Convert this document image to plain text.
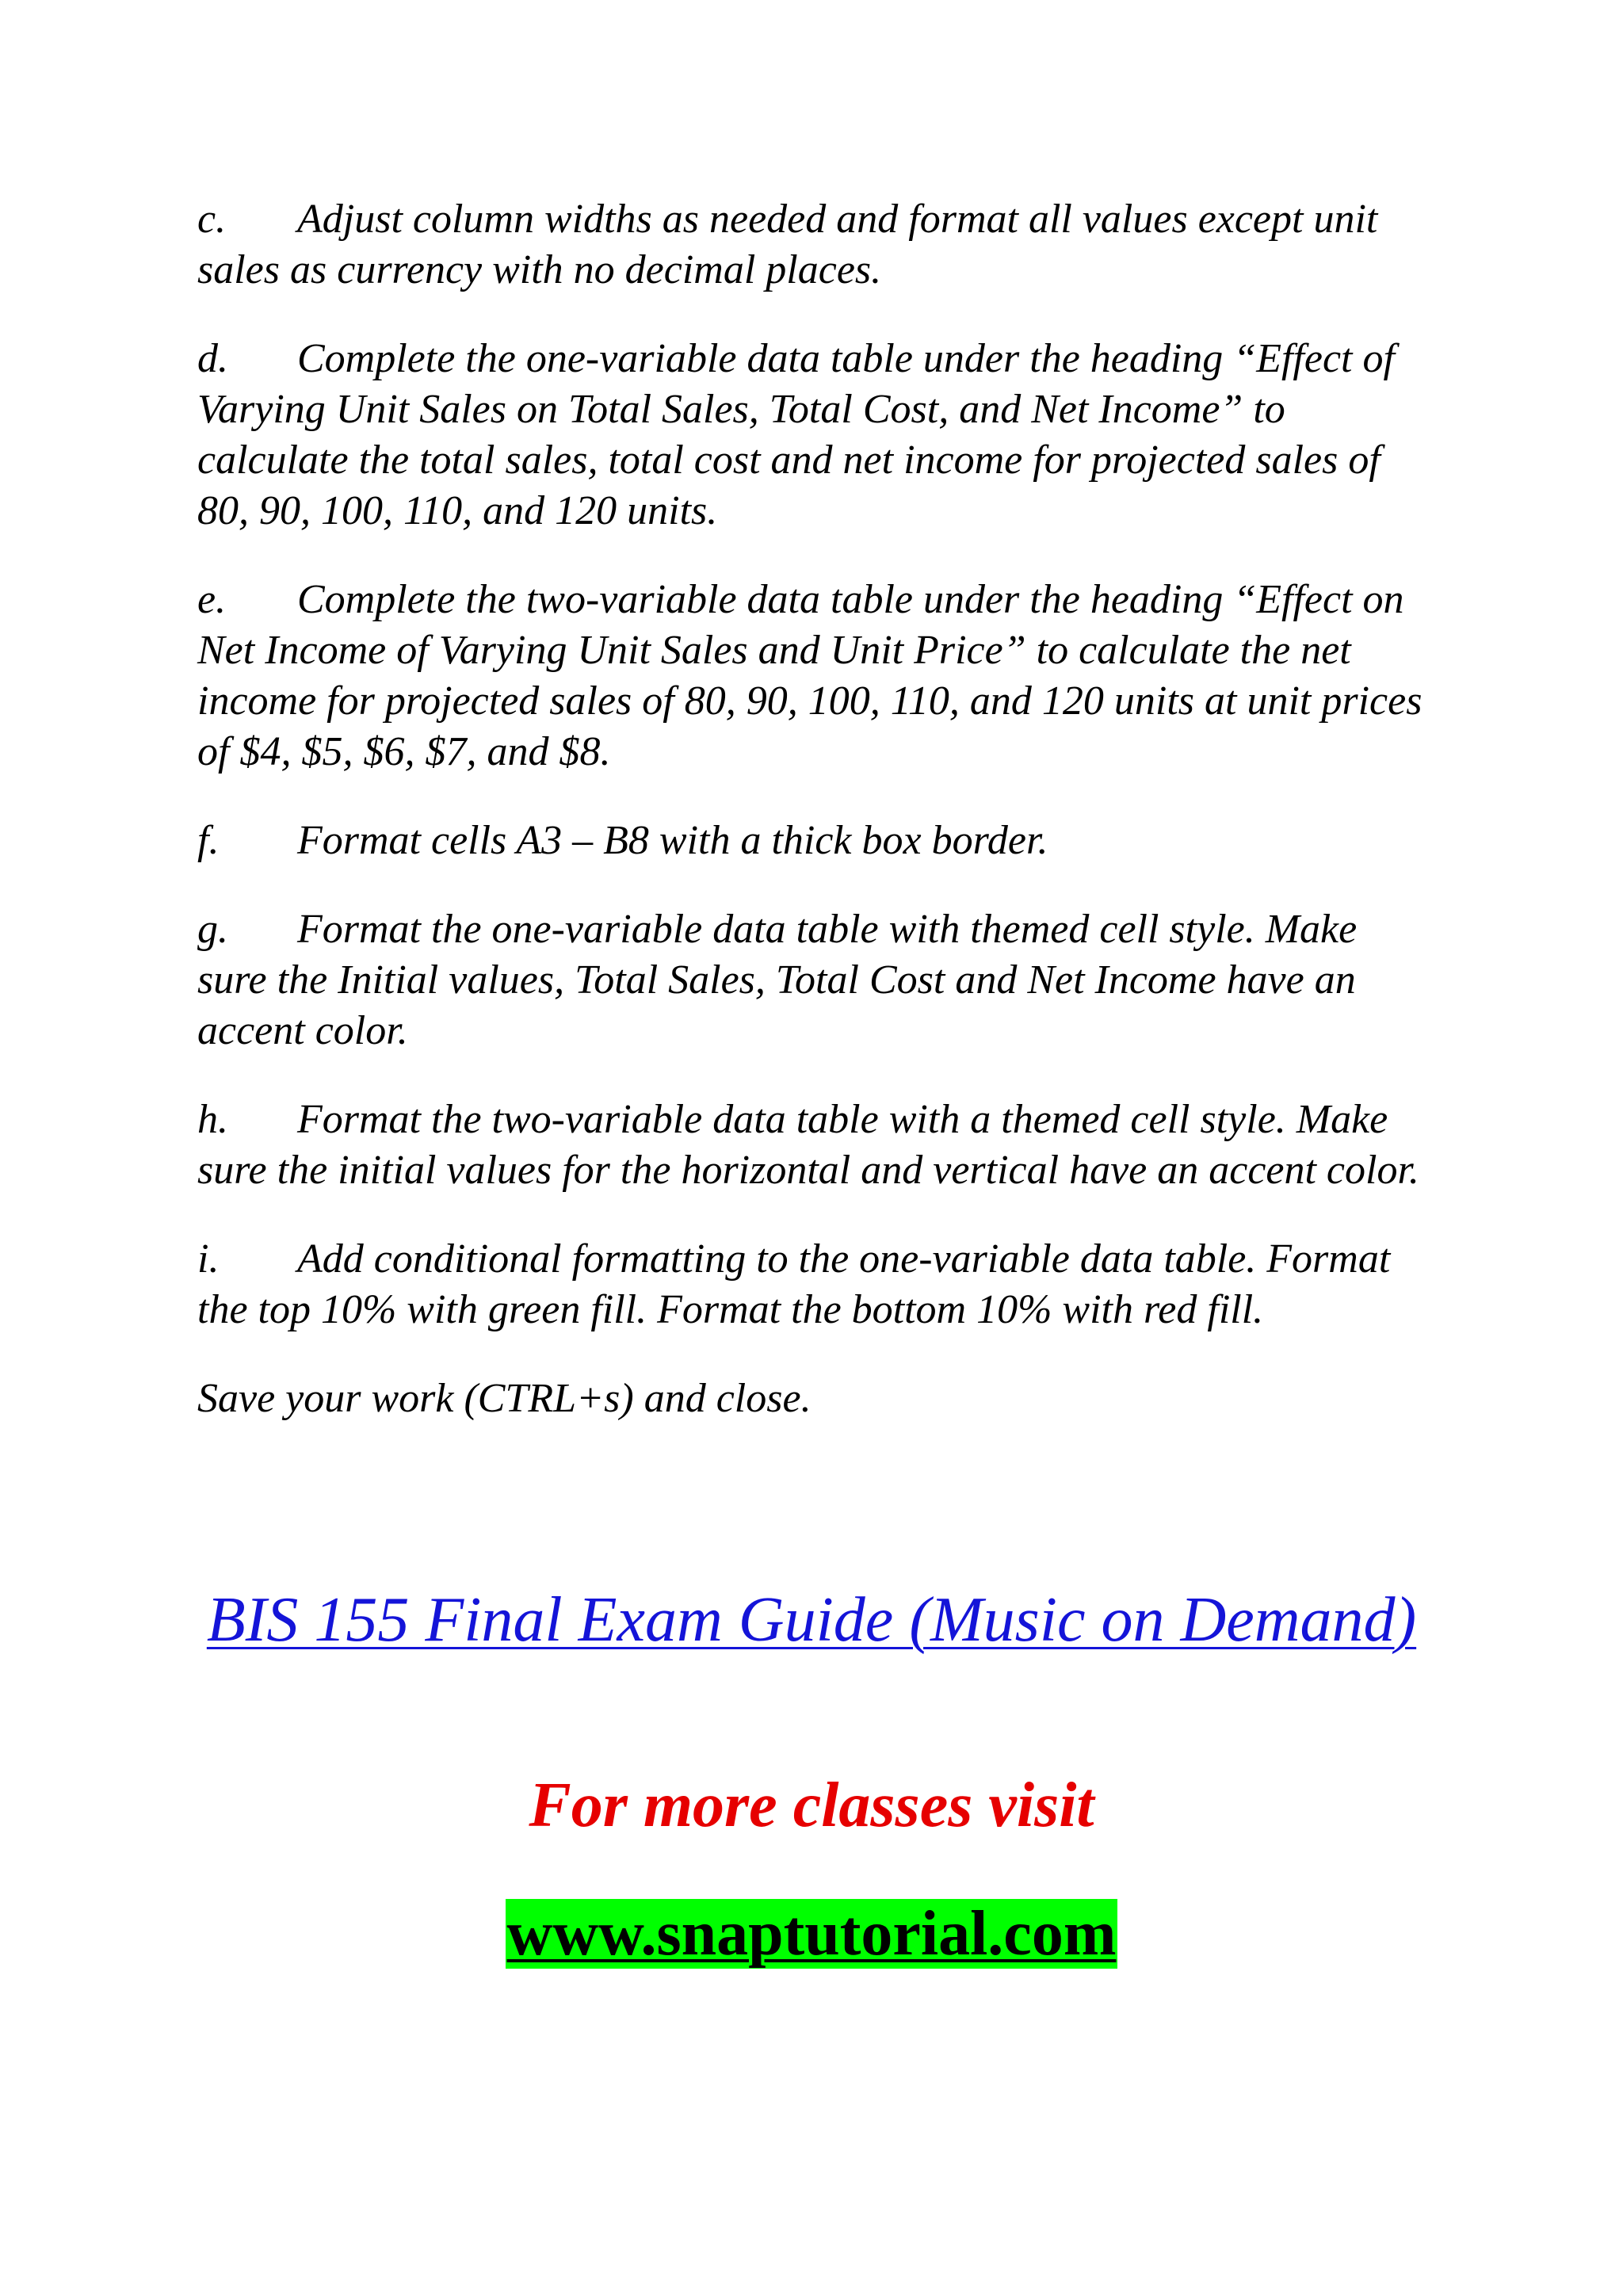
c. Adjust column widths as needed and format all values except unit sales as currency with no decimal places.

d. Complete the one-variable data table under the heading “Effect of Varying Unit Sales on Total Sales, Total Cost, and Net Income” to calculate the total sales, total cost and net income for projected sales of 80, 90, 100, 110, and 120 units.

e. Complete the two-variable data table under the heading “Effect on Net Income of Varying Unit Sales and Unit Price” to calculate the net income for projected sales of 80, 90, 100, 110, and 120 units at unit prices of $4, $5, $6, $7, and $8.

f. Format cells A3 – B8 with a thick box border.

g. Format the one-variable data table with themed cell style. Make sure the Initial values, Total Sales, Total Cost and Net Income have an accent color.

h. Format the two-variable data table with a themed cell style. Make sure the initial values for the horizontal and vertical have an accent color.

i. Add conditional formatting to the one-variable data table. Format the top 10% with green fill. Format the bottom 10% with red fill.

Save your work (CTRL+s) and close.

BIS 155 Final Exam Guide (Music on Demand)
For more classes visit
www.snaptutorial.com
